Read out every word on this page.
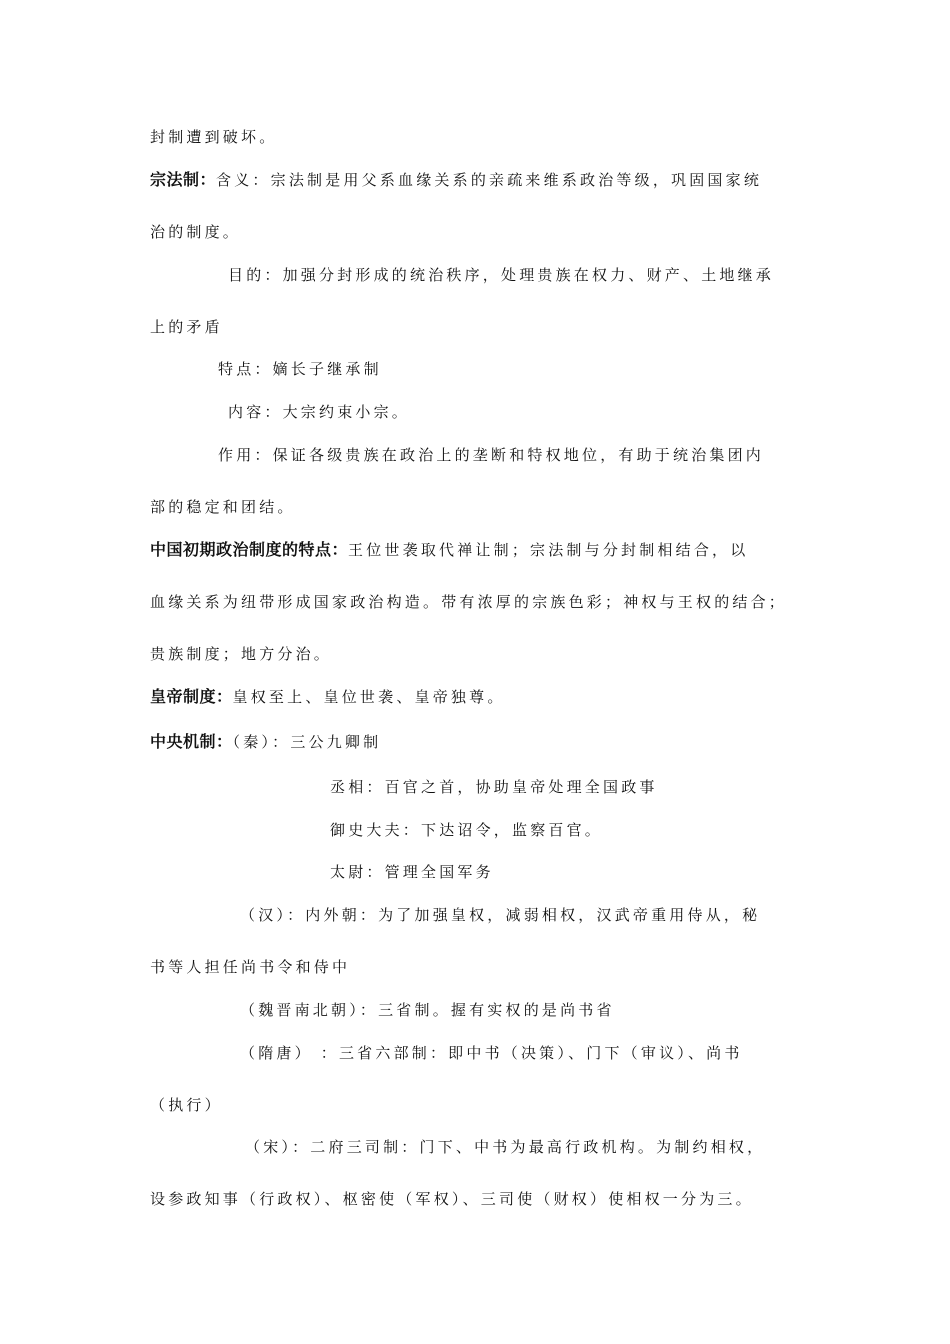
封制遭到破坏。
宗法制：含义：宗法制是用父系血缘关系的亲疏来维系政治等级，巩固国家统
治的制度。
目的：加强分封形成的统治秩序，处理贵族在权力、财产、土地继承
上的矛盾
特点：嫡长子继承制
内容：大宗约束小宗。
作用：保证各级贵族在政治上的垄断和特权地位，有助于统治集团内
部的稳定和团结。
中国初期政治制度的特点：王位世袭取代禅让制；宗法制与分封制相结合，以
血缘关系为纽带形成国家政治构造。带有浓厚的宗族色彩；神权与王权的结合；
贵族制度；地方分治。
皇帝制度：皇权至上、皇位世袭、皇帝独尊。
中央机制：（秦）：三公九卿制
丞相：百官之首，协助皇帝处理全国政事
御史大夫：下达诏令，监察百官。
太尉：管理全国军务
（汉）：内外朝：为了加强皇权，减弱相权，汉武帝重用侍从，秘
书等人担任尚书令和侍中
（魏晋南北朝）：三省制。握有实权的是尚书省
（隋唐） ：三省六部制：即中书（决策）、门下（审议）、尚书
（执行）
（宋）：二府三司制：门下、中书为最高行政机构。为制约相权，
设参政知事（行政权）、枢密使（军权）、三司使（财权）使相权一分为三。
